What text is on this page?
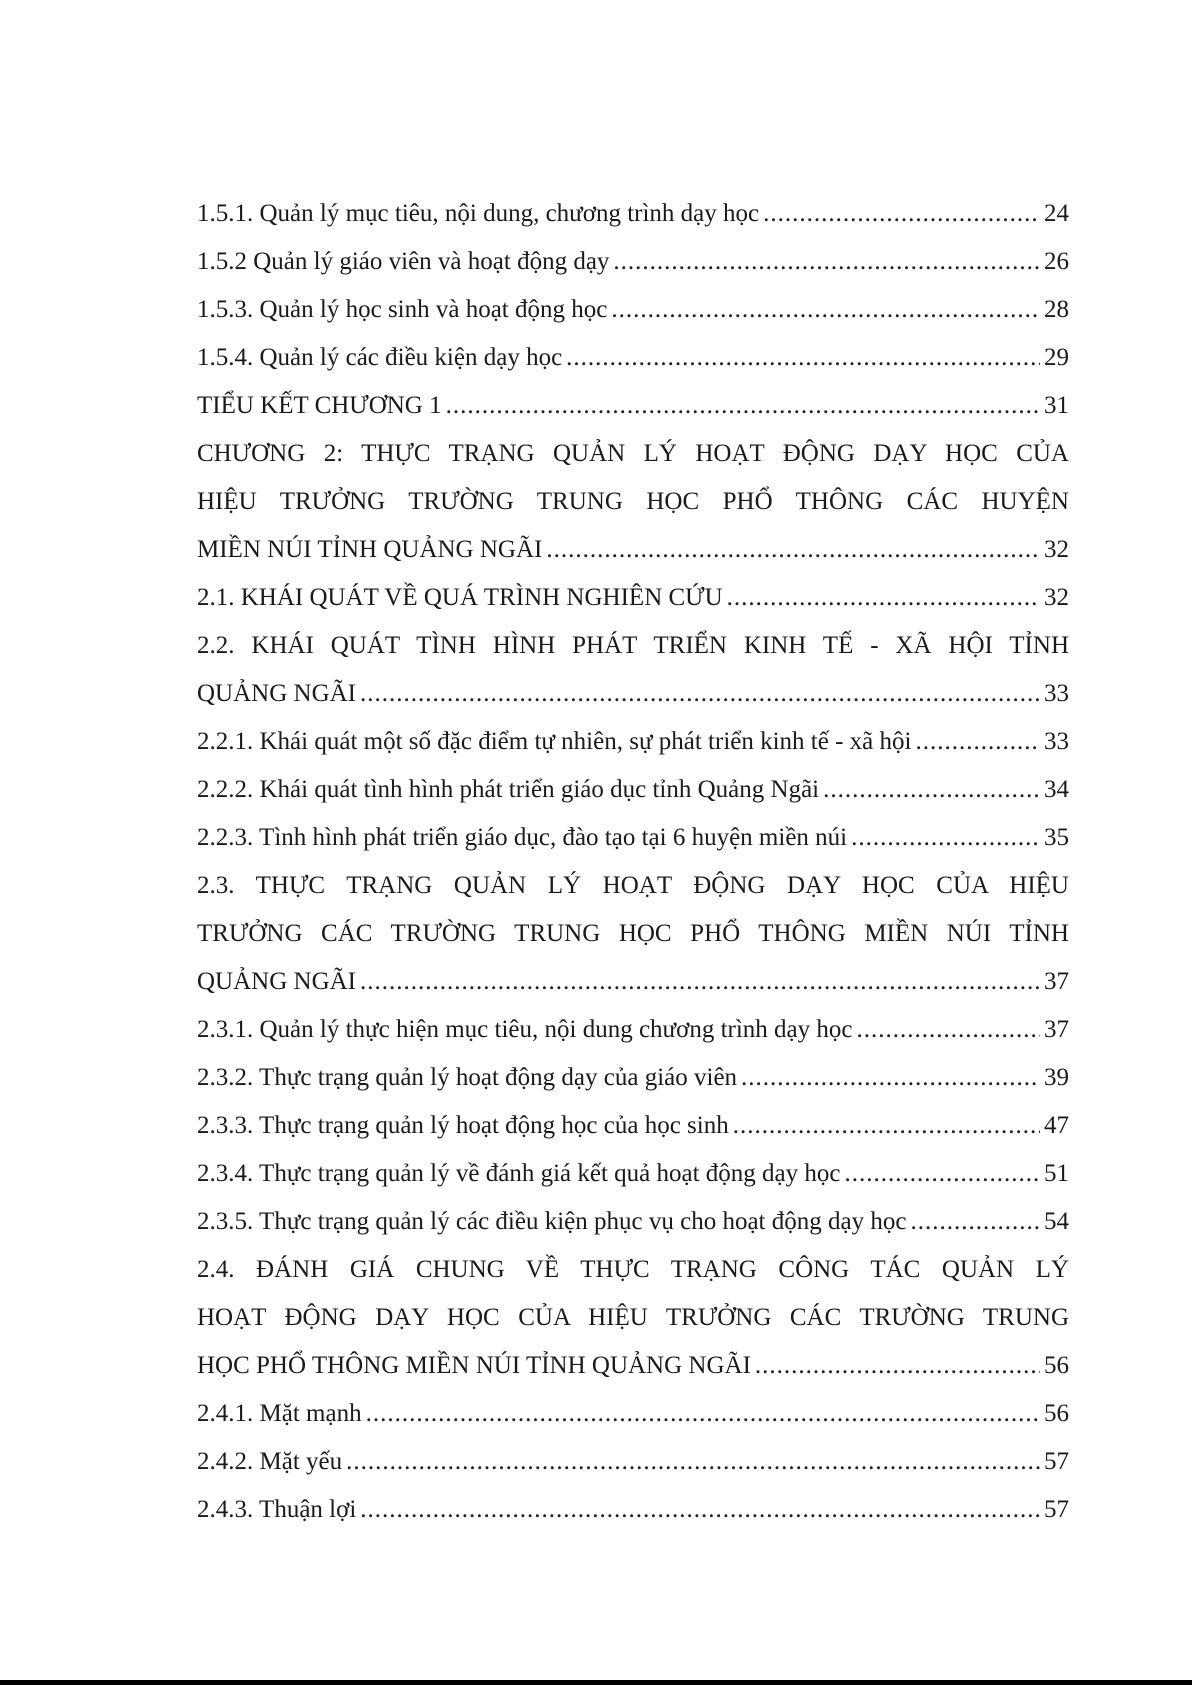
1.5.1. Quản lý mục tiêu, nội dung, chương trình dạy học .....	24
1.5.2 Quản lý giáo viên và hoạt động dạy .....	26
1.5.3. Quản lý học sinh và hoạt động học .....	28
1.5.4. Quản lý các điều kiện dạy học .....	29
TIỂU KẾT CHƯƠNG 1 .....	31
CHƯƠNG 2: THỰC TRẠNG QUẢN LÝ HOẠT ĐỘNG DẠY HỌC CỦA
HIỆU TRƯỞNG TRƯỜNG TRUNG HỌC PHỔ THÔNG CÁC HUYỆN
MIỀN NÚI TỈNH QUẢNG NGÃI .....	32
2.1. KHÁI QUÁT VỀ QUÁ TRÌNH NGHIÊN CỨU .....	32
2.2. KHÁI QUÁT TÌNH HÌNH PHÁT TRIỂN KINH TẾ - XÃ HỘI TỈNH
QUẢNG NGÃI .....	33
2.2.1. Khái quát một số đặc điểm tự nhiên, sự phát triển kinh tế - xã hội .....	33
2.2.2. Khái quát tình hình phát triển giáo dục tỉnh Quảng Ngãi .....	34
2.2.3. Tình hình phát triển giáo dục, đào tạo tại 6 huyện miền núi .....	35
2.3. THỰC TRẠNG QUẢN LÝ HOẠT ĐỘNG DẠY HỌC CỦA HIỆU
TRƯỞNG CÁC TRƯỜNG TRUNG HỌC PHỔ THÔNG MIỀN NÚI TỈNH
QUẢNG NGÃI .....	37
2.3.1. Quản lý thực hiện mục tiêu, nội dung chương trình dạy học .....	37
2.3.2. Thực trạng quản lý hoạt động dạy của giáo viên .....	39
2.3.3. Thực trạng quản lý hoạt động học của học sinh .....	47
2.3.4. Thực trạng quản lý về đánh giá kết quả hoạt động dạy học .....	51
2.3.5. Thực trạng quản lý các điều kiện phục vụ cho hoạt động dạy học .....	54
2.4. ĐÁNH GIÁ CHUNG VỀ THỰC TRẠNG CÔNG TÁC QUẢN LÝ
HOẠT ĐỘNG DẠY HỌC CỦA HIỆU TRƯỞNG CÁC TRƯỜNG TRUNG
HỌC PHỔ THÔNG MIỀN NÚI TỈNH QUẢNG NGÃI .....	56
2.4.1. Mặt mạnh .....	56
2.4.2. Mặt yếu .....	57
2.4.3. Thuận lợi .....	57
